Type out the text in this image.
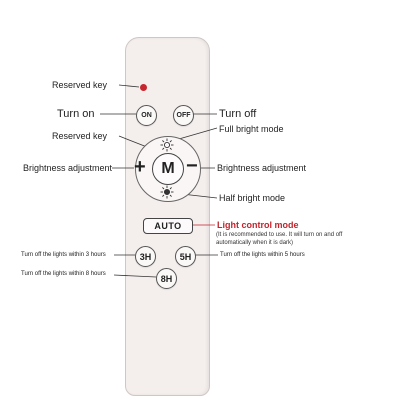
ON	OFF
+ −
M
AUTO
3H	5H
8H
Reserved key
Turn on	Turn off
Reserved key
Full bright mode
Brightness adjustment	Brightness adjustment
Half bright mode
Light control mode
(It is recommended to use. It will turn on and off automatically when it is dark)
Turn off the lights within 3 hours
Turn off the lights within 8 hours
Turn off the lights within 5 hours
